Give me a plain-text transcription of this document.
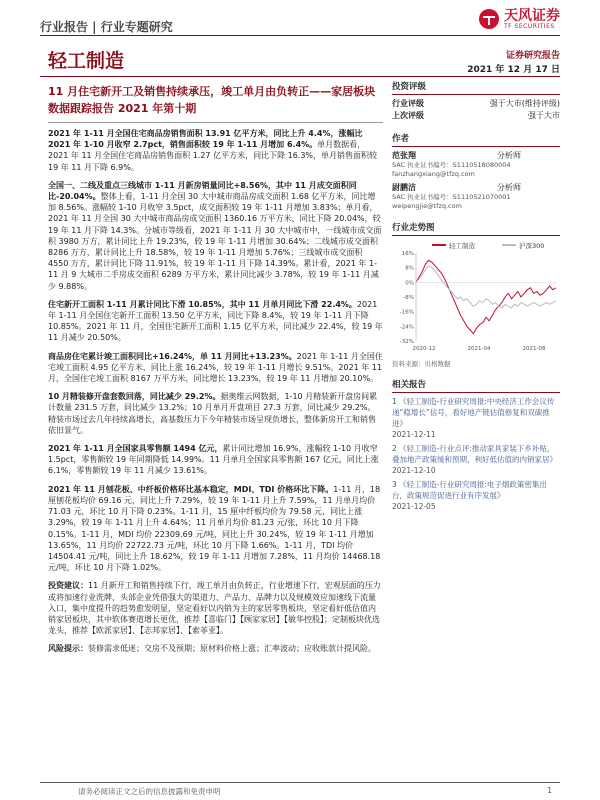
行业报告 | 行业专题研究
天风证券
TF SECURITIES
轻工制造	证券研究报告
2021 年 12 月 17 日
11 月住宅新开工及销售持续承压，竣工单月由负转正——家居板块数据跟踪报告 2021 年第十期
2021 年 1-11 月全国住宅商品房销售面积 13.91 亿平方米，同比上升 4.4%，涨幅比 2021 年 1-10 月收窄 2.7pct，销售面积较 19 年 1-11 月增加 6.4%。单月数据看，2021 年 11 月全国住宅商品房销售面积 1.27 亿平方米，同比下降 16.3%，单月销售面积较 19 年 11 月下降 6.9%。
全国一、二线及重点三线城市 1-11 月新房销量同比+8.56%，其中 11 月成交面积同比-20.04%。整体上看，1-11 月全国 30 大中城市商品房成交面积 1.68 亿平方米，同比增加 8.56%。涨幅较 1-10 月收窄 3.5pct，成交面积较 19 年 1-11 月增加 3.83%；单月看，2021 年 11 月全国 30 大中城市商品房成交面积 1360.16 万平方米，同比下降 20.04%，较 19 年 11 月下降 14.3%。分城市等级看，2021 年 1-11 月 30 大中城市中，一线城市成交面积 3980 万方，累计同比上升 19.23%，较 19 年 1-11 月增加 30.64%；二线城市成交面积 8286 万方，累计同比上升 18.58%，较 19 年 1-11 月增加 5.76%；三线城市成交面积 4550 万方，累计同比下降 11.91%，较 19 年 1-11 月下降 14.39%。累计看，2021 年 1-11 月 9 大城市二手房成交面积 6289 万平方米，累计同比减少 3.78%，较 19 年 1-11 月减少 9.88%。
住宅新开工面积 1-11 月累计同比下滑 10.85%，其中 11 月单月同比下滑 22.4%。2021 年 1-11 月全国住宅新开工面积 13.50 亿平方米，同比下降 8.4%，较 19 年 1-11 月下降 10.85%。2021 年 11 月，全国住宅新开工面积 1.15 亿平方米，同比减少 22.4%，较 19 年 11 月减少 20.50%。
商品房住宅累计竣工面积同比+16.24%，单 11 月同比+13.23%。2021 年 1-11 月全国住宅竣工面积 4.95 亿平方米，同比上涨 16.24%，较 19 年 1-11 月增长 9.51%。2021 年 11 月，全国住宅竣工面积 8167 万平方米，同比增长 13.23%，较 19 年 11 月增加 20.10%。
10 月精装修开盘套数回落，同比减少 29.2%。据奥维云网数据，1-10 月精装新开盘房间累计数量 231.5 万套，同比减少 13.2%；10 月单月开盘项目 27.3 万套，同比减少 29.2%。精装市场过去几年持续高增长，高基数压力下今年精装市场呈现负增长，整体新房开工和销售依旧景气。
2021 年 1-11 月全国家具零售额 1494 亿元，累计同比增加 16.9%，涨幅较 1-10 月收窄 1.5pct，零售额较 19 年同期降低 14.99%。11 月单月全国家具零售额 167 亿元，同比上涨 6.1%，零售额较 19 年 11 月减少 13.61%。
2021 年 11 月刨花板、中纤板价格环比基本稳定，MDI、TDI 价格环比下降。1-11 月，18 厘刨花板均价 69.16 元，同比上升 7.29%，较 19 年 1-11 月上升 7.59%，11 月单月均价 71.03 元，环比 10 月下降 0.23%。1-11 月，15 厘中纤板均价为 79.58 元，同比上涨 3.29%，较 19 年 1-11 月上升 4.64%；11 月单月均价 81.23 元/张，环比 10 月下降 0.15%。1-11 月，MDI 均价 22309.69 元/吨，同比上升 30.24%，较 19 年 1-11 月增加 13.65%，11 月均价 22722.73 元/吨，环比 10 月下降 1.66%。1-11 月，TDI 均价 14504.41 元/吨，同比上升 18.62%，较 19 年 1-11 月增加 7.28%，11 月均价 14468.18 元/吨，环比 10 月下降 1.02%。
投资建议：11 月新开工和销售持续下行，竣工单月由负转正，行业增速下行，宏观层面的压力或将加速行业洗牌，头部企业凭借强大的渠道力、产品力、品牌力以及规模效应加速线下流量入口，集中度提升的趋势愈发明显，坚定看好以内销为主的家居零售板块，坚定看好低估值内销家居板块，其中软体赛道增长更优，推荐【喜临门】【顾家家居】【敏华控股】；定制板块优选龙头，推荐【欧派家居】、【志邦家居】、【索菲亚】。
风险提示：装修需求低迷；交房不及预期；原材料价格上涨；汇率波动；应收账款计提风险。
投资评级
行业评级	强于大市(维持评级)
上次评级	强于大市
作者
范张翔	分析师
SAC 执业证书编号：S1110518080004
fanzhangxiang@tfzq.com
尉鹏洁	分析师
SAC 执业证书编号：S1110521070001
weipengjie@tfzq.com
行业走势图
轻工制造	沪深300
16%
8%
0%
-8%
-16%
-24%
-32%
2020-12	2021-04	2021-08
资料来源：贝格数据
相关报告
1 《轻工制造-行业研究周报:中央经济工作会议传递“稳增长”信号，看好地产链估值修复和双碳推进》
2021-12-11
2 《轻工制造-行业点评:推动家具家装下乡补贴，叠加地产政策缓和预期，利好低估值的内销家居》
2021-12-10
3 《轻工制造-行业研究周报:电子烟政策密集出台，政策规范促进行业有序发展》
2021-12-05
请务必阅读正文之后的信息披露和免责申明	1
